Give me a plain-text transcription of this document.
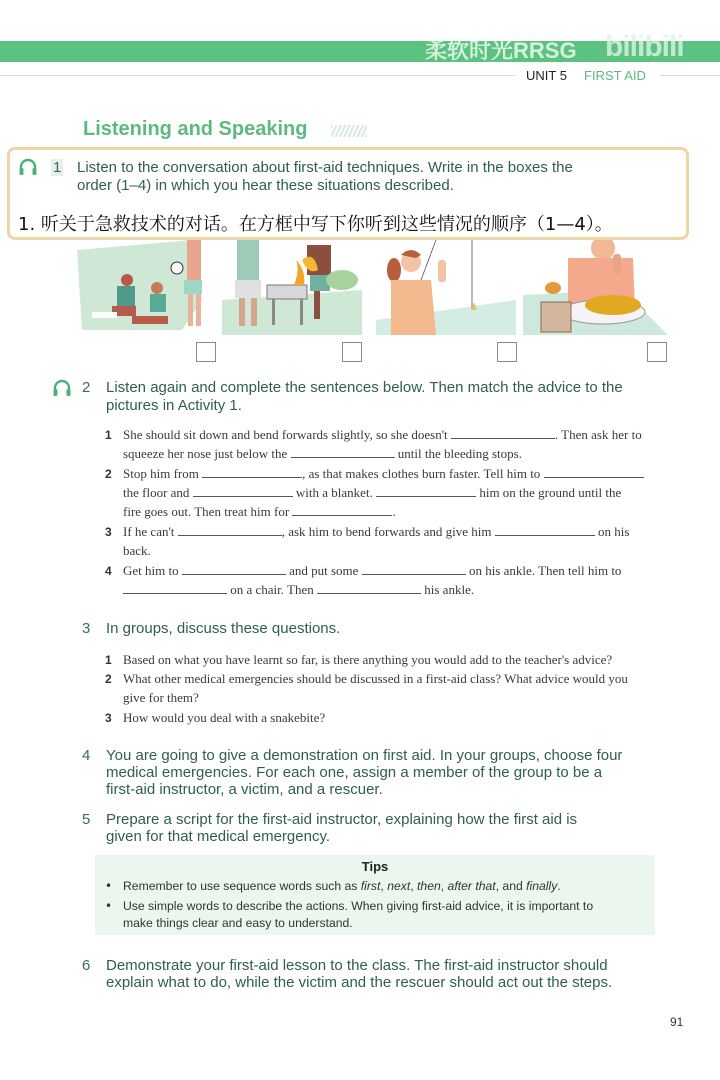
柔软时光RRSG bilibili
UNIT 5 FIRST AID
Listening and Speaking
1 Listen to the conversation about first-aid techniques. Write in the boxes the
order (1–4) in which you hear these situations described.
1. 听关于急救技术的对话。在方框中写下你听到这些情况的顺序（1—4）。
2 Listen again and complete the sentences below. Then match the advice to the
pictures in Activity 1.
1 She should sit down and bend forwards slightly, so she doesn't	. Then ask her to
squeeze her nose just below the	until the bleeding stops.
2 Stop him from	, as that makes clothes burn faster. Tell him to
the floor and	with a blanket.	him on the ground until the
fire goes out. Then treat him for	.
3 If he can't	, ask him to bend forwards and give him	on his
back.
4 Get him to	and put some	on his ankle. Then tell him to
on a chair. Then	his ankle.
3 In groups, discuss these questions.
1 Based on what you have learnt so far, is there anything you would add to the teacher's advice?
2 What other medical emergencies should be discussed in a first-aid class? What advice would you
give for them?
3 How would you deal with a snakebite?
4 You are going to give a demonstration on first aid. In your groups, choose four
medical emergencies. For each one, assign a member of the group to be a
first-aid instructor, a victim, and a rescuer.
5 Prepare a script for the first-aid instructor, explaining how the first aid is
given for that medical emergency.
Tips
• Remember to use sequence words such as first, next, then, after that, and finally.
• Use simple words to describe the actions. When giving first-aid advice, it is important to
make things clear and easy to understand.
6 Demonstrate your first-aid lesson to the class. The first-aid instructor should
explain what to do, while the victim and the rescuer should act out the steps.
91
